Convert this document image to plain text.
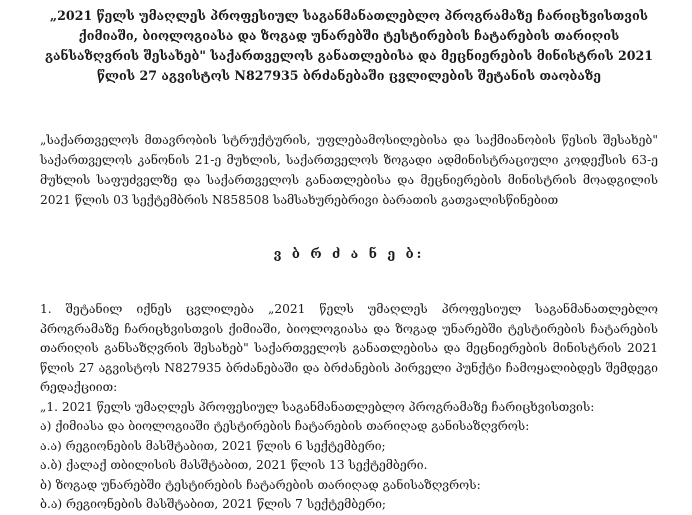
„2021 წელს უმაღლეს პროფესიულ საგანმანათლებლო პროგრამაზე ჩარიცხვისთვის ქიმიაში, ბიოლოგიასა და ზოგად უნარებში ტესტირების ჩატარების თარიღის განსაზღვრის შესახებ" საქართველოს განათლებისა და მეცნიერების მინისტრის 2021 წლის 27 აგვისტოს N827935 ბრძანებაში ცვლილების შეტანის თაობაზე

„საქართველოს მთავრობის სტრუქტურის, უფლებამოსილებისა და საქმიანობის წესის შესახებ" საქართველოს კანონის 21-ე მუხლის, საქართველოს ზოგადი ადმინისტრაციული კოდექსის 63-ე მუხლის საფუძველზე და საქართველოს განათლებისა და მეცნიერების მინისტრის მოადგილის 2021 წლის 03 სექტემბრის N858508 სამსახურებრივი ბარათის გათვალისწინებით

ვ ბ რ ძ ა ნ ე ბ:

1. შეტანილ იქნეს ცვლილება „2021 წელს უმაღლეს პროფესიულ საგანმანათლებლო პროგრამაზე ჩარიცხვისთვის ქიმიაში, ბიოლოგიასა და ზოგად უნარებში ტესტირების ჩატარების თარიღის განსაზღვრის შესახებ" საქართველოს განათლებისა და მეცნიერების მინისტრის 2021 წლის 27 აგვისტოს N827935 ბრძანებაში და ბრძანების პირველი პუნქტი ჩამოყალიბდეს შემდეგი რედაქციით:

„1. 2021 წელს უმაღლეს პროფესიულ საგანმანათლებლო პროგრამაზე ჩარიცხვისთვის:

ა) ქიმიასა და ბიოლოგიაში ტესტირების ჩატარების თარიღად განისაზღვროს:

ა.ა) რეგიონების მასშტაბით, 2021 წლის 6 სექტემბერი;

ა.ბ) ქალაქ თბილისის მასშტაბით, 2021 წლის 13 სექტემბერი.

ბ) ზოგად უნარებში ტესტირების ჩატარების თარიღად განისაზღვროს:

ბ.ა) რეგიონების მასშტაბით, 2021 წლის 7 სექტემბერი;
